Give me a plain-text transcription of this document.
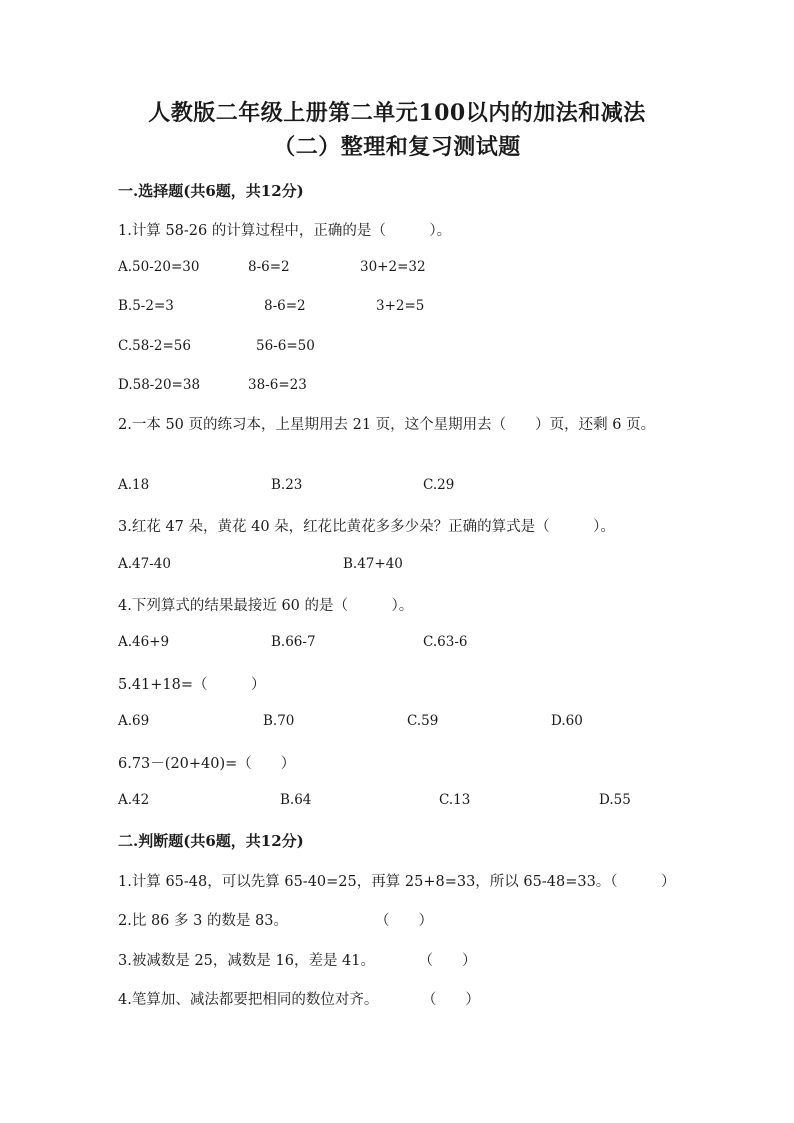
人教版二年级上册第二单元100以内的加法和减法
（二）整理和复习测试题
一.选择题(共6题，共12分)
1.计算 58-26 的计算过程中，正确的是（　　　）。
A.50-20=30	8-6=2	30+2=32
B.5-2=3	8-6=2	3+2=5
C.58-2=56	56-6=50
D.58-20=38	38-6=23
2.一本 50 页的练习本，上星期用去 21 页，这个星期用去（　　）页，还剩 6 页。
A.18	B.23	C.29
3.红花 47 朵，黄花 40 朵，红花比黄花多多少朵？正确的算式是（　　　）。
A.47-40	B.47+40
4.下列算式的结果最接近 60 的是（　　　）。
A.46+9	B.66-7	C.63-6
5.41+18=（　　　）
A.69	B.70	C.59	D.60
6.73－(20+40)=（　　）
A.42	B.64	C.13	D.55
二.判断题(共6题，共12分)
1.计算 65-48，可以先算 65-40=25，再算 25+8=33，所以 65-48=33。（　　　）
2.比 86 多 3 的数是 83。　　　　　　　（　　）
3.被减数是 25，减数是 16，差是 41。　　　　（　　）
4.笔算加、减法都要把相同的数位对齐。　　　　（　　）
